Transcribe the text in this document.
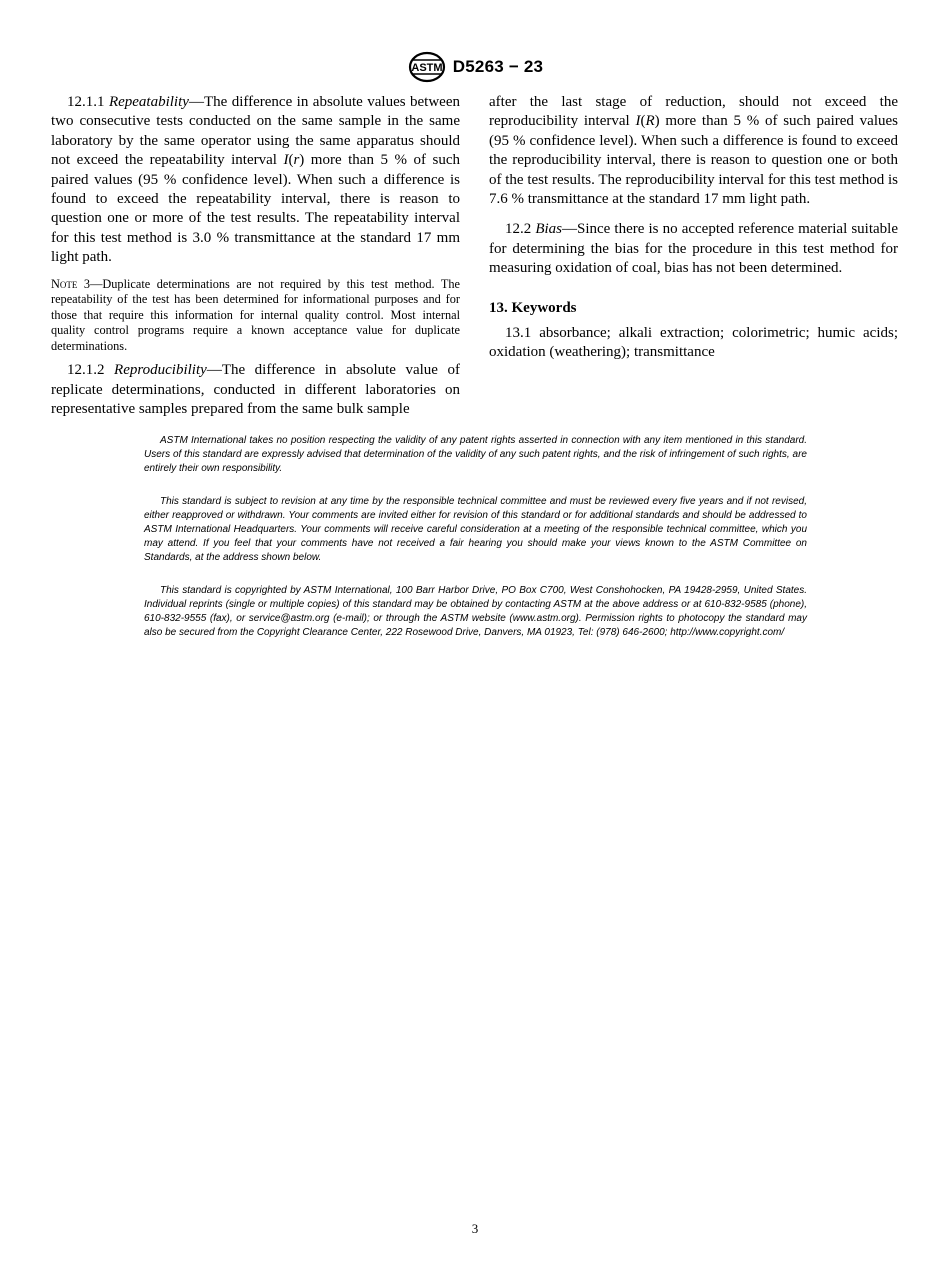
ASTM D5263 − 23

12.1.1 Repeatability—The difference in absolute values between two consecutive tests conducted on the same sample in the same laboratory by the same operator using the same apparatus should not exceed the repeatability interval I(r) more than 5 % of such paired values (95 % confidence level). When such a difference is found to exceed the repeatability interval, there is reason to question one or more of the test results. The repeatability interval for this test method is 3.0 % transmittance at the standard 17 mm light path.

Note 3—Duplicate determinations are not required by this test method. The repeatability of the test has been determined for informational purposes and for those that require this information for internal quality control. Most internal quality control programs require a known acceptance value for duplicate determinations.

12.1.2 Reproducibility—The difference in absolute value of replicate determinations, conducted in different laboratories on representative samples prepared from the same bulk sample

after the last stage of reduction, should not exceed the reproducibility interval I(R) more than 5 % of such paired values (95 % confidence level). When such a difference is found to exceed the reproducibility interval, there is reason to question one or both of the test results. The reproducibility interval for this test method is 7.6 % transmittance at the standard 17 mm light path.

12.2 Bias—Since there is no accepted reference material suitable for determining the bias for the procedure in this test method for measuring oxidation of coal, bias has not been determined.

13. Keywords

13.1 absorbance; alkali extraction; colorimetric; humic acids; oxidation (weathering); transmittance

ASTM International takes no position respecting the validity of any patent rights asserted in connection with any item mentioned in this standard. Users of this standard are expressly advised that determination of the validity of any such patent rights, and the risk of infringement of such rights, are entirely their own responsibility.

This standard is subject to revision at any time by the responsible technical committee and must be reviewed every five years and if not revised, either reapproved or withdrawn. Your comments are invited either for revision of this standard or for additional standards and should be addressed to ASTM International Headquarters. Your comments will receive careful consideration at a meeting of the responsible technical committee, which you may attend. If you feel that your comments have not received a fair hearing you should make your views known to the ASTM Committee on Standards, at the address shown below.

This standard is copyrighted by ASTM International, 100 Barr Harbor Drive, PO Box C700, West Conshohocken, PA 19428-2959, United States. Individual reprints (single or multiple copies) of this standard may be obtained by contacting ASTM at the above address or at 610-832-9585 (phone), 610-832-9555 (fax), or service@astm.org (e-mail); or through the ASTM website (www.astm.org). Permission rights to photocopy the standard may also be secured from the Copyright Clearance Center, 222 Rosewood Drive, Danvers, MA 01923, Tel: (978) 646-2600; http://www.copyright.com/

3
